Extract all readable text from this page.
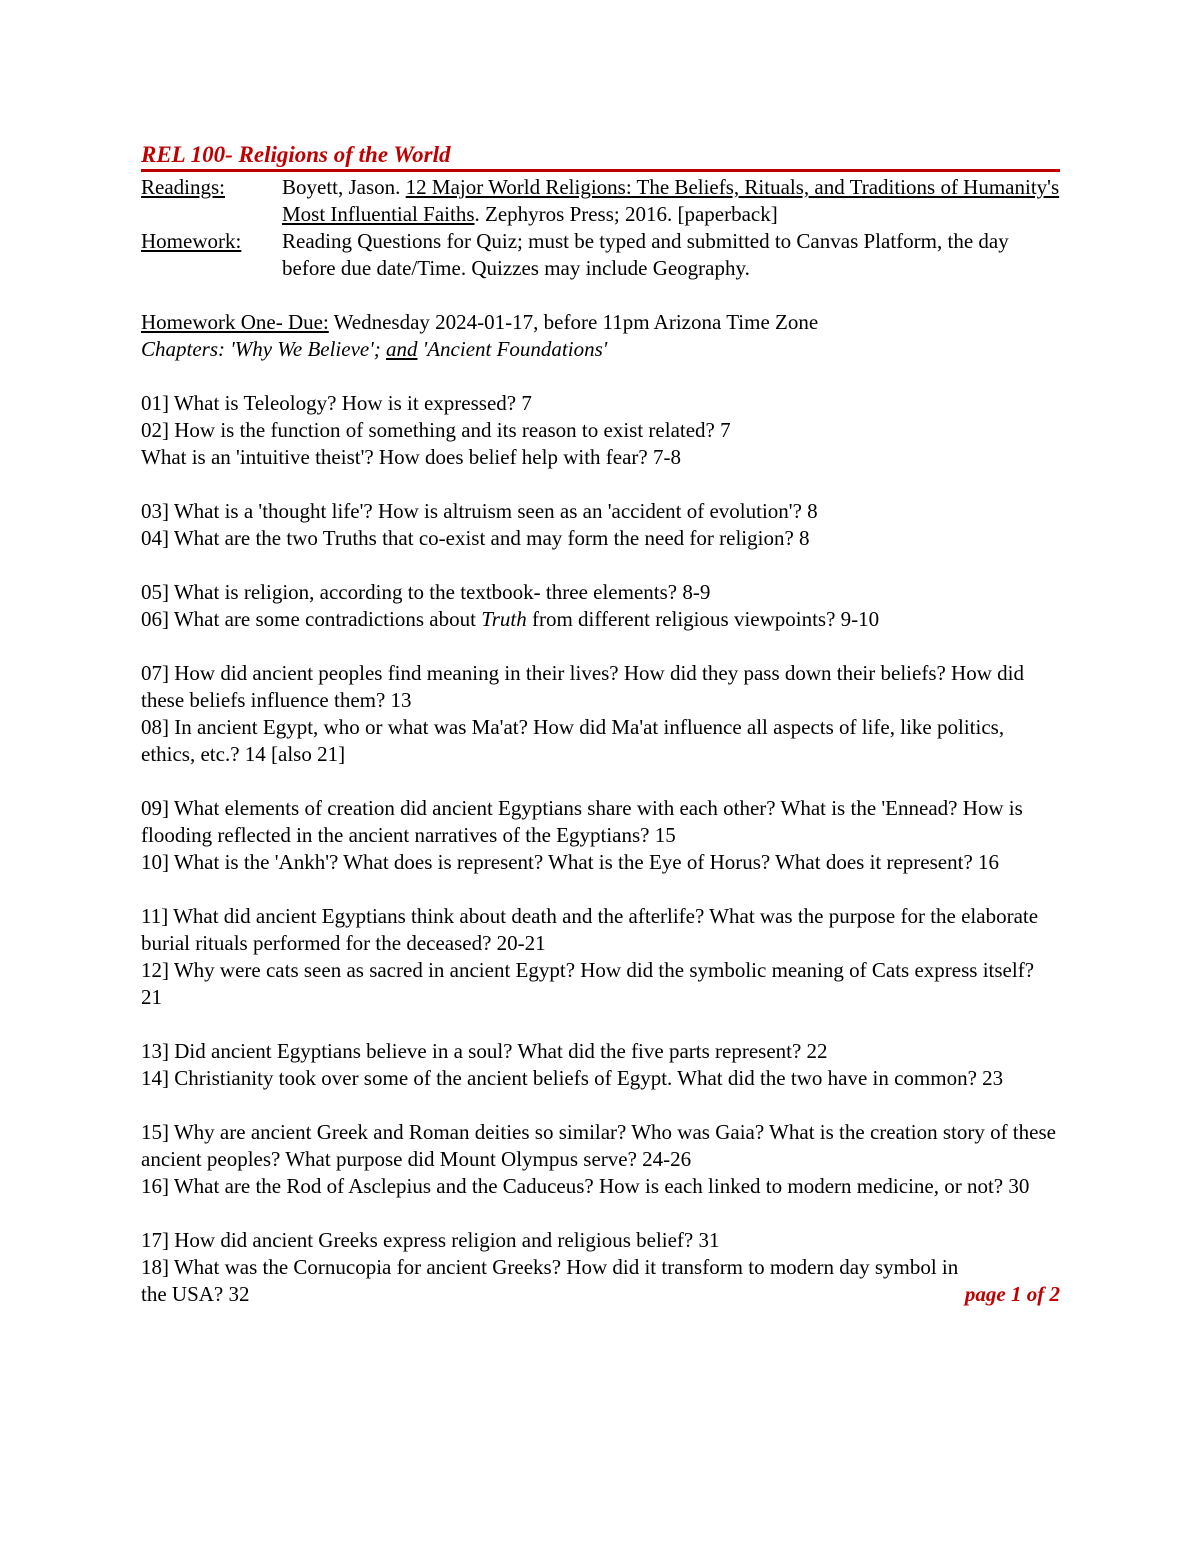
REL 100- Religions of the World
Readings:	Boyett, Jason. 12 Major World Religions: The Beliefs, Rituals, and Traditions of Humanity's Most Influential Faiths. Zephyros Press; 2016. [paperback]
Homework:	Reading Questions for Quiz; must be typed and submitted to Canvas Platform, the day before due date/Time. Quizzes may include Geography.
Homework One- Due: Wednesday 2024-01-17, before 11pm Arizona Time Zone
Chapters: 'Why We Believe'; and 'Ancient Foundations'
01] What is Teleology? How is it expressed? 7
02] How is the function of something and its reason to exist related? 7
What is an 'intuitive theist'? How does belief help with fear? 7-8
03] What is a 'thought life'? How is altruism seen as an 'accident of evolution'? 8
04] What are the two Truths that co-exist and may form the need for religion? 8
05] What is religion, according to the textbook- three elements? 8-9
06] What are some contradictions about Truth from different religious viewpoints? 9-10
07] How did ancient peoples find meaning in their lives? How did they pass down their beliefs? How did these beliefs influence them? 13
08] In ancient Egypt, who or what was Ma'at? How did Ma'at influence all aspects of life, like politics, ethics, etc.? 14 [also 21]
09] What elements of creation did ancient Egyptians share with each other? What is the 'Ennead? How is flooding reflected in the ancient narratives of the Egyptians? 15
10] What is the 'Ankh'? What does is represent? What is the Eye of Horus? What does it represent? 16
11] What did ancient Egyptians think about death and the afterlife? What was the purpose for the elaborate burial rituals performed for the deceased? 20-21
12] Why were cats seen as sacred in ancient Egypt? How did the symbolic meaning of Cats express itself? 21
13] Did ancient Egyptians believe in a soul? What did the five parts represent? 22
14] Christianity took over some of the ancient beliefs of Egypt. What did the two have in common? 23
15] Why are ancient Greek and Roman deities so similar? Who was Gaia? What is the creation story of these ancient peoples? What purpose did Mount Olympus serve? 24-26
16] What are the Rod of Asclepius and the Caduceus? How is each linked to modern medicine, or not? 30
17] How did ancient Greeks express religion and religious belief? 31
18] What was the Cornucopia for ancient Greeks? How did it transform to modern day symbol in
the USA? 32	page 1 of 2
